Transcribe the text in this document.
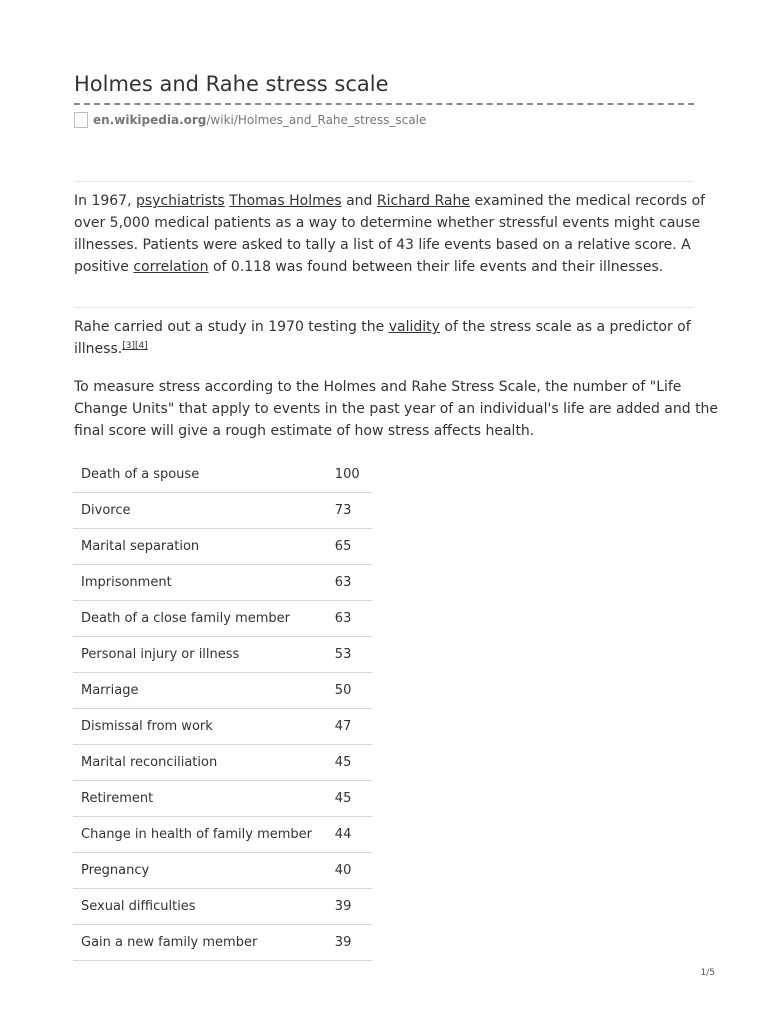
Holmes and Rahe stress scale
en.wikipedia.org /wiki/Holmes_and_Rahe_stress_scale

In 1967, psychiatrists Thomas Holmes and Richard Rahe examined the medical records of
over 5,000 medical patients as a way to determine whether stressful events might cause
illnesses. Patients were asked to tally a list of 43 life events based on a relative score. A
positive correlation of 0.118 was found between their life events and their illnesses.

Rahe carried out a study in 1970 testing the validity of the stress scale as a predictor of
illness.[3][4]

To measure stress according to the Holmes and Rahe Stress Scale, the number of "Life
Change Units" that apply to events in the past year of an individual's life are added and the
final score will give a rough estimate of how stress affects health.

Death of a spouse	100
Divorce	73
Marital separation	65
Imprisonment	63
Death of a close family member	63
Personal injury or illness	53
Marriage	50
Dismissal from work	47
Marital reconciliation	45
Retirement	45
Change in health of family member	44
Pregnancy	40
Sexual difficulties	39
Gain a new family member	39
1/5
